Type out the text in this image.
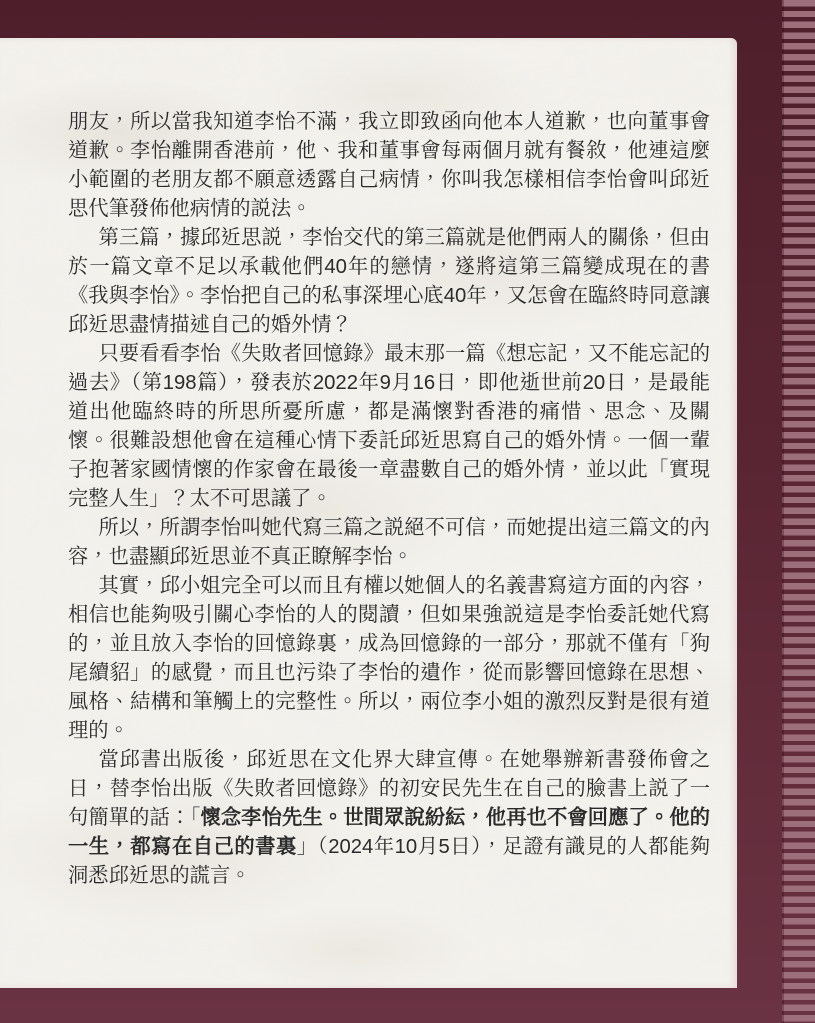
朋友，所以當我知道李怡不滿，我立即致函向他本人道歉，也向董事會道歉。李怡離開香港前，他、我和董事會每兩個月就有餐敘，他連這麼小範圍的老朋友都不願意透露自己病情，你叫我怎樣相信李怡會叫邱近思代筆發佈他病情的説法。

第三篇，據邱近思説，李怡交代的第三篇就是他們兩人的關係，但由於一篇文章不足以承載他們40年的戀情，遂將這第三篇變成現在的書《我與李怡》。李怡把自己的私事深埋心底40年，又怎會在臨終時同意讓邱近思盡情描述自己的婚外情？

只要看看李怡《失敗者回憶錄》最末那一篇《想忘記，又不能忘記的過去》（第198篇），發表於2022年9月16日，即他逝世前20日，是最能道出他臨終時的所思所憂所慮，都是滿懷對香港的痛惜、思念、及關懷。很難設想他會在這種心情下委託邱近思寫自己的婚外情。一個一輩子抱著家國情懷的作家會在最後一章盡數自己的婚外情，並以此「實現完整人生」？太不可思議了。

所以，所謂李怡叫她代寫三篇之説絕不可信，而她提出這三篇文的內容，也盡顯邱近思並不真正瞭解李怡。

其實，邱小姐完全可以而且有權以她個人的名義書寫這方面的內容，相信也能夠吸引關心李怡的人的閱讀，但如果強説這是李怡委託她代寫的，並且放入李怡的回憶錄裏，成為回憶錄的一部分，那就不僅有「狗尾續貂」的感覺，而且也污染了李怡的遺作，從而影響回憶錄在思想、風格、結構和筆觸上的完整性。所以，兩位李小姐的激烈反對是很有道理的。

當邱書出版後，邱近思在文化界大肆宣傳。在她舉辦新書發佈會之日，替李怡出版《失敗者回憶錄》的初安民先生在自己的臉書上説了一句簡單的話：「懷念李怡先生。世間眾說紛紜，他再也不會回應了。他的一生，都寫在自己的書裏」（2024年10月5日），足證有識見的人都能夠洞悉邱近思的謊言。
